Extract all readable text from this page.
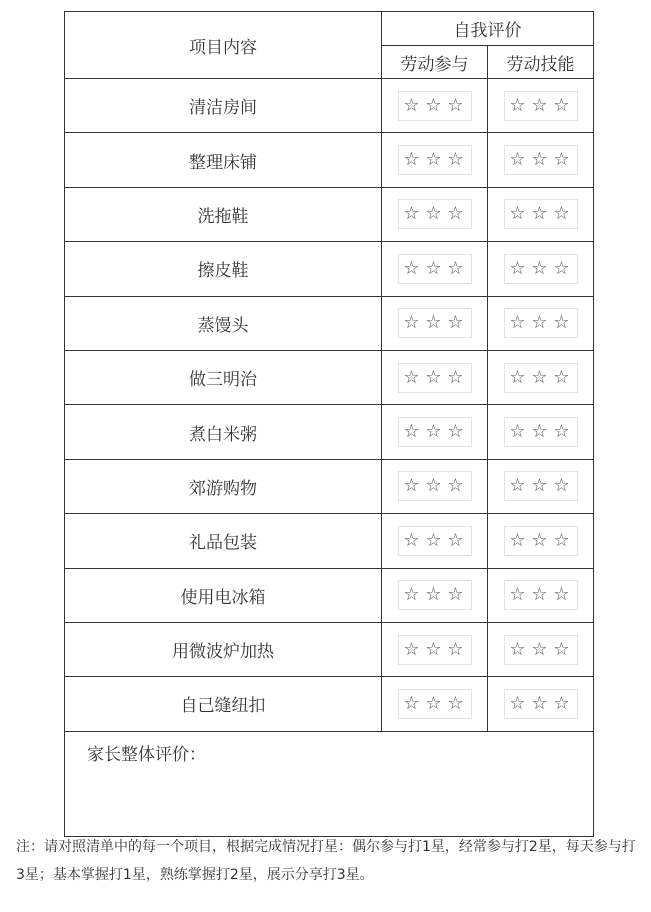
项目内容	自我评价	
	劳动参与	劳动技能
清洁房间	☆ ☆ ☆	☆ ☆ ☆
整理床铺	☆ ☆ ☆	☆ ☆ ☆
洗拖鞋	☆ ☆ ☆	☆ ☆ ☆
擦皮鞋	☆ ☆ ☆	☆ ☆ ☆
蒸馒头	☆ ☆ ☆	☆ ☆ ☆
做三明治	☆ ☆ ☆	☆ ☆ ☆
煮白米粥	☆ ☆ ☆	☆ ☆ ☆
郊游购物	☆ ☆ ☆	☆ ☆ ☆
礼品包装	☆ ☆ ☆	☆ ☆ ☆
使用电冰箱	☆ ☆ ☆	☆ ☆ ☆
用微波炉加热	☆ ☆ ☆	☆ ☆ ☆
自己缝纽扣	☆ ☆ ☆	☆ ☆ ☆
家长整体评价：		
注：请对照清单中的每一个项目，根据完成情况打星：偶尔参与打1星，经常参与打2星，每天参与打3星；基本掌握打1星，熟练掌握打2星，展示分享打3星。
